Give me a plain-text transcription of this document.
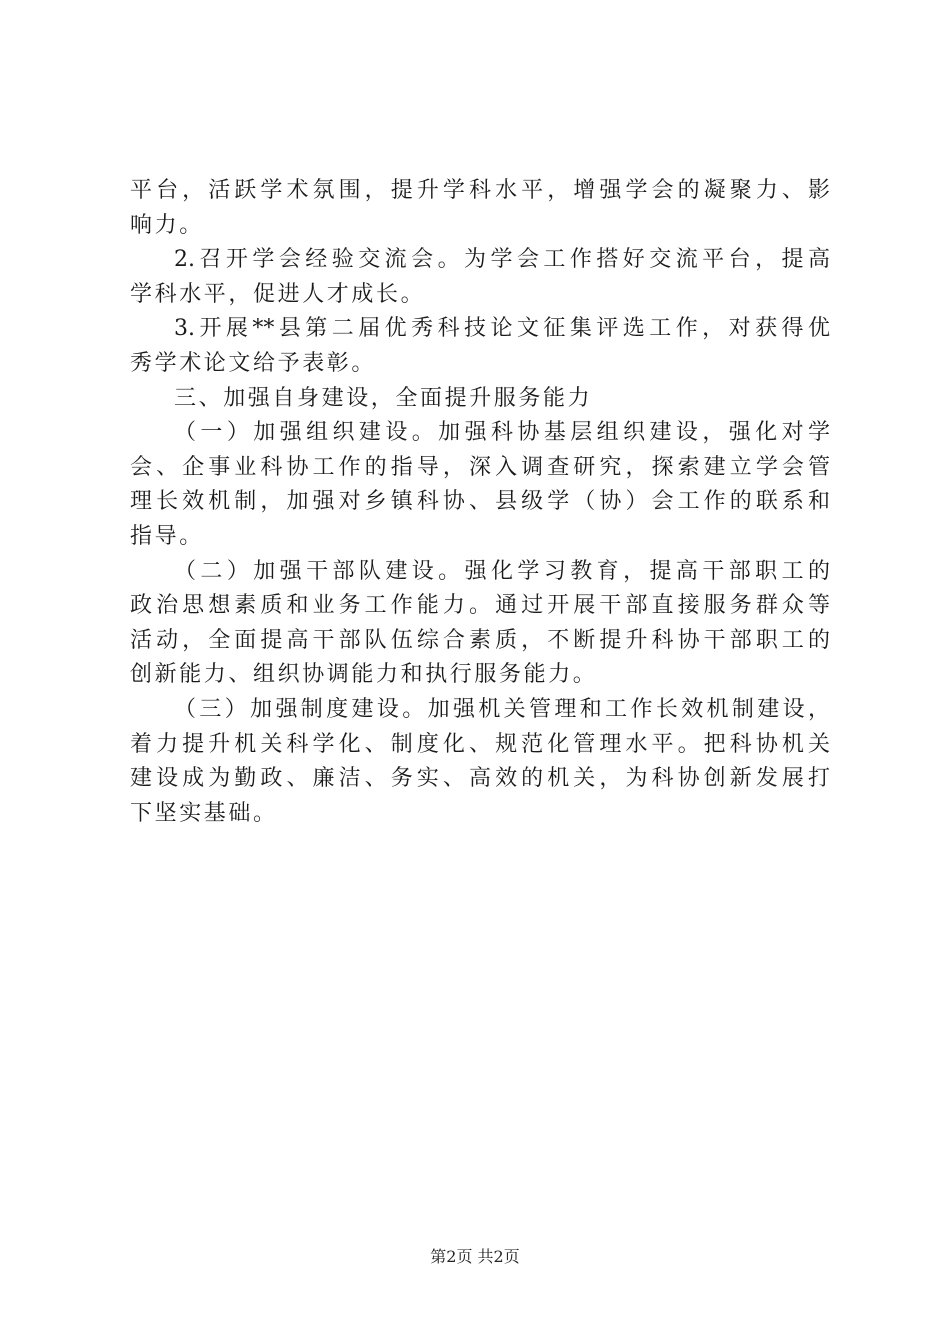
平台，活跃学术氛围，提升学科水平，增强学会的凝聚力、影
响力。
2.召开学会经验交流会。为学会工作搭好交流平台，提高
学科水平，促进人才成长。
3.开展**县第二届优秀科技论文征集评选工作，对获得优
秀学术论文给予表彰。
三、加强自身建设，全面提升服务能力
（一）加强组织建设。加强科协基层组织建设，强化对学
会、企事业科协工作的指导，深入调查研究，探索建立学会管
理长效机制，加强对乡镇科协、县级学（协）会工作的联系和
指导。
（二）加强干部队建设。强化学习教育，提高干部职工的
政治思想素质和业务工作能力。通过开展干部直接服务群众等
活动，全面提高干部队伍综合素质，不断提升科协干部职工的
创新能力、组织协调能力和执行服务能力。
（三）加强制度建设。加强机关管理和工作长效机制建设，
着力提升机关科学化、制度化、规范化管理水平。把科协机关
建设成为勤政、廉洁、务实、高效的机关，为科协创新发展打
下坚实基础。
第2页 共2页
